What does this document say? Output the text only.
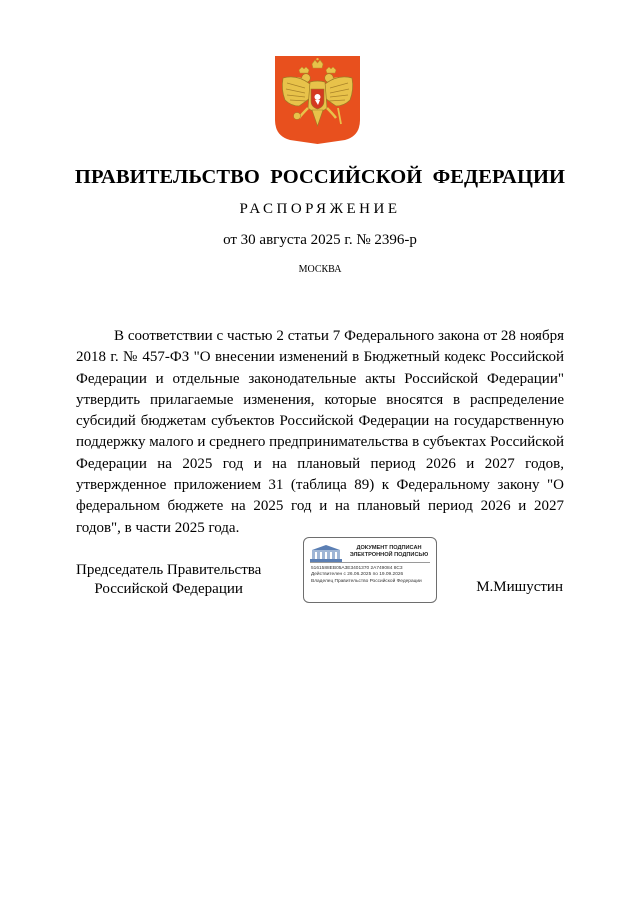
ПРАВИТЕЛЬСТВО РОССИЙСКОЙ ФЕДЕРАЦИИ
РАСПОРЯЖЕНИЕ
от 30 августа 2025 г. № 2396-р
МОСКВА

В соответствии с частью 2 статьи 7 Федерального закона от 28 ноября 2018 г. № 457-ФЗ "О внесении изменений в Бюджетный кодекс Российской Федерации и отдельные законодательные акты Российской Федерации" утвердить прилагаемые изменения, которые вносятся в распределение субсидий бюджетам субъектов Российской Федерации на государственную поддержку малого и среднего предпринимательства в субъектах Российской Федерации на 2025 год и на плановый период 2026 и 2027 годов, утвержденное приложением 31 (таблица 89) к Федеральному закону "О федеральном бюджете на 2025 год и на плановый период 2026 и 2027 годов", в части 2025 года.

Председатель Правительства
Российской Федерации
ДОКУМЕНТ ПОДПИСАН
ЭЛЕКТРОННОЙ ПОДПИСЬЮ
5161588EB05A3E3401370 2A749084 8C3
Действителен с 26.06.2025 по 19.09.2026
Владелец Правительство Российской Федерации	М.Мишустин
